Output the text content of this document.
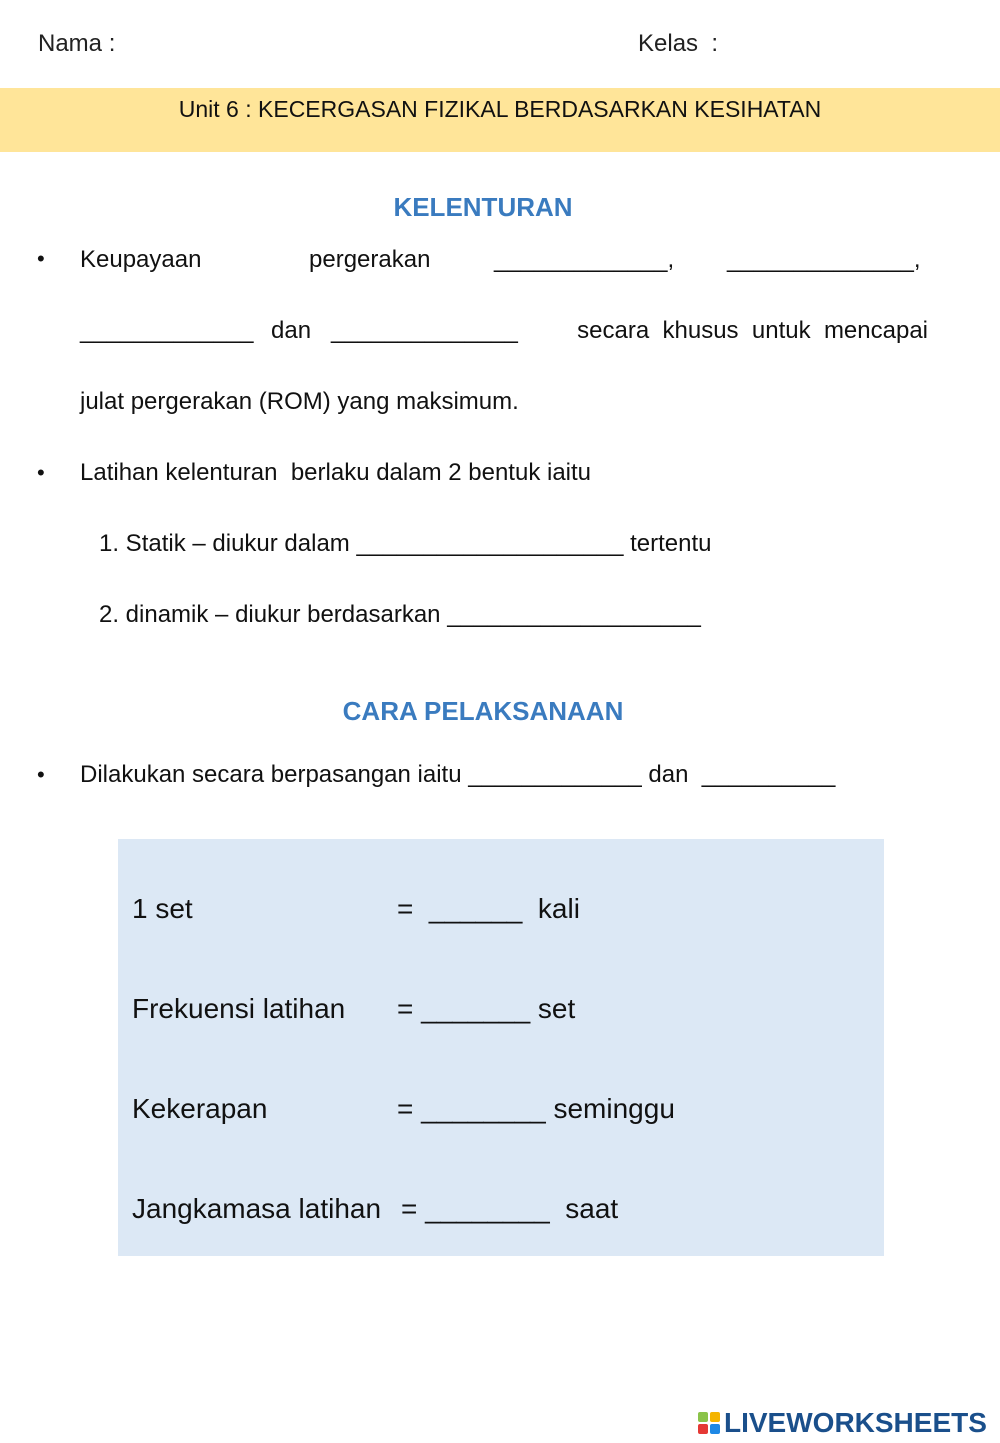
Nama :	Kelas  :
Unit 6 : KECERGASAN FIZIKAL BERDASARKAN KESIHATAN
KELENTURAN
• Keupayaan	pergerakan	_____________, ______________,
_____________ dan ______________	secara  khusus  untuk  mencapai
julat pergerakan (ROM) yang maksimum.
• Latihan kelenturan  berlaku dalam 2 bentuk iaitu
1. Statik – diukur dalam ____________________ tertentu
2. dinamik – diukur berdasarkan ___________________
CARA PELAKSANAAN
• Dilakukan secara berpasangan iaitu _____________ dan  __________
1 set	=  ______  kali
Frekuensi latihan = _______ set
Kekerapan	= ________ seminggu
Jangkamasa latihan = ________  saat
LIVEWORKSHEETS
